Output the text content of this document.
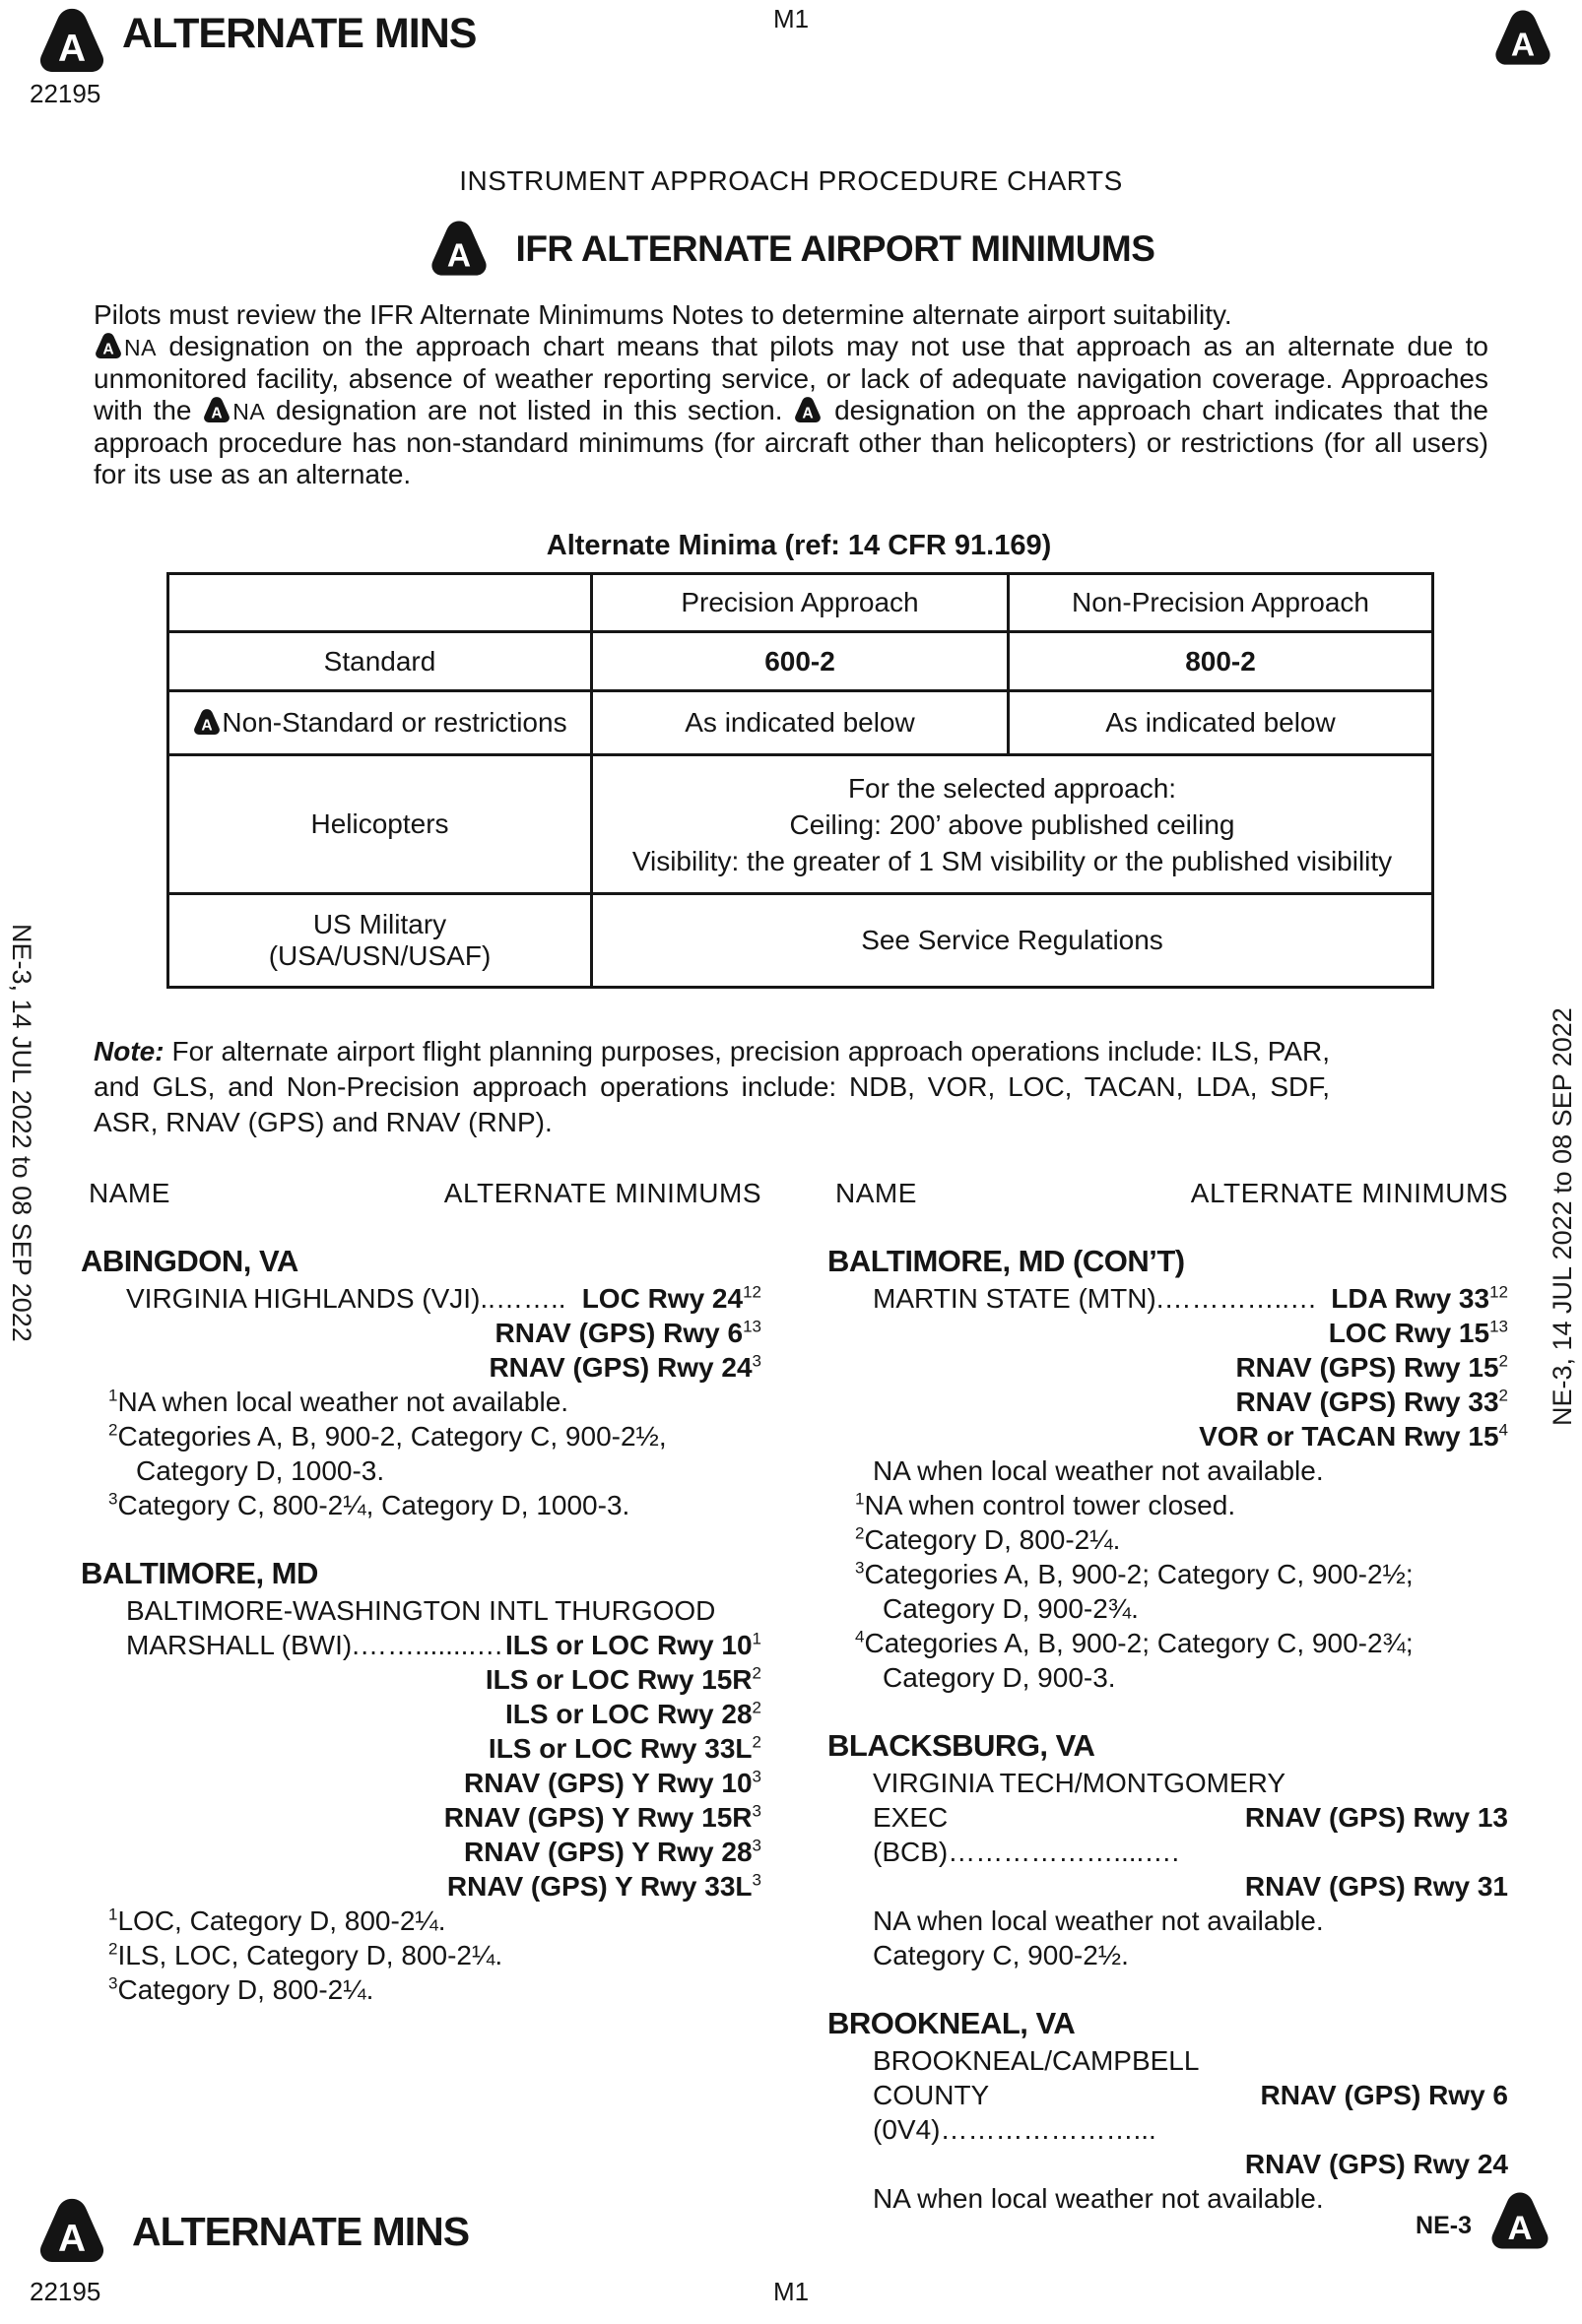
A ALTERNATE MINS	M1
22195
A
NE-3, 14 JUL 2022 to 08 SEP 2022	NE-3, 14 JUL 2022 to 08 SEP 2022
INSTRUMENT APPROACH PROCEDURE CHARTS
A IFR ALTERNATE AIRPORT MINIMUMS

Pilots must review the IFR Alternate Minimums Notes to determine alternate airport suitability.

A NA designation on the approach chart means that pilots may not use that approach as an alternate due to unmonitored facility, absence of weather reporting service, or lack of adequate navigation coverage. Approaches with the A NA designation are not listed in this section. A designation on the approach chart indicates that the approach procedure has non-standard minimums (for aircraft other than helicopters) or restrictions (for all users) for its use as an alternate.

Alternate Minima (ref: 14 CFR 91.169)
	Precision Approach	Non-Precision Approach
Standard	600-2	800-2

A Non-Standard or restrictions	As indicated below	As indicated below
Helicopters	For the selected approach:
Ceiling: 200’ above published ceiling
Visibility: the greater of 1 SM visibility or the published visibility	

US Military
(USA/USN/USAF)	See Service Regulations	

Note: For alternate airport flight planning purposes, precision approach operations include: ILS, PAR, and GLS, and Non-Precision approach operations include: NDB, VOR, LOC, TACAN, LDA, SDF, ASR, RNAV (GPS) and RNAV (RNP).

NAME	ALTERNATE MINIMUMS
ABINGDON, VA
VIRGINIA HIGHLANDS (VJI)..…….. LOC Rwy $24^{12}$
RNAV (GPS) Rwy $6^{13}$
RNAV (GPS) Rwy $24^3$
$^1$NA when local weather not available.
$^2$Categories A, B, 900-2, Category C, 900-2½,
Category D, 1000-3.
$^3$Category C, 800-2¼, Category D, 1000-3.
BALTIMORE, MD
BALTIMORE-WASHINGTON INTL THURGOOD
MARSHALL (BWI).……........… ILS or LOC Rwy $10^1$
ILS or LOC Rwy $15R^2$
ILS or LOC Rwy $28^2$
ILS or LOC Rwy $33L^2$
RNAV (GPS) Y Rwy $10^3$
RNAV (GPS) Y Rwy $15R^3$
RNAV (GPS) Y Rwy $28^3$
RNAV (GPS) Y Rwy $33L^3$
$^1$LOC, Category D, 800-2¼.
$^2$ILS, LOC, Category D, 800-2¼.
$^3$Category D, 800-2¼.
NAME	ALTERNATE MINIMUMS
BALTIMORE, MD (CON’T)
MARTIN STATE (MTN).…………..… LDA Rwy $33^{12}$
LOC Rwy $15^{13}$
RNAV (GPS) Rwy $15^2$
RNAV (GPS) Rwy $33^2$
VOR or TACAN Rwy $15^4$
NA when local weather not available.
$^1$NA when control tower closed.
$^2$Category D, 800-2¼.
$^3$Categories A, B, 900-2; Category C, 900-2½;
Category D, 900-2¾.
$^4$Categories A, B, 900-2; Category C, 900-2¾;
Category D, 900-3.
BLACKSBURG, VA
VIRGINIA TECH/MONTGOMERY
EXEC (BCB)………………....….
RNAV (GPS) Rwy 13
RNAV (GPS) Rwy 31
NA when local weather not available.
Category C, 900-2½.
BROOKNEAL, VA
BROOKNEAL/CAMPBELL
COUNTY (0V4)…………………...
RNAV (GPS) Rwy 6
RNAV (GPS) Rwy 24
NA when local weather not available.
A ALTERNATE MINS	NE-3 A
22195	M1
